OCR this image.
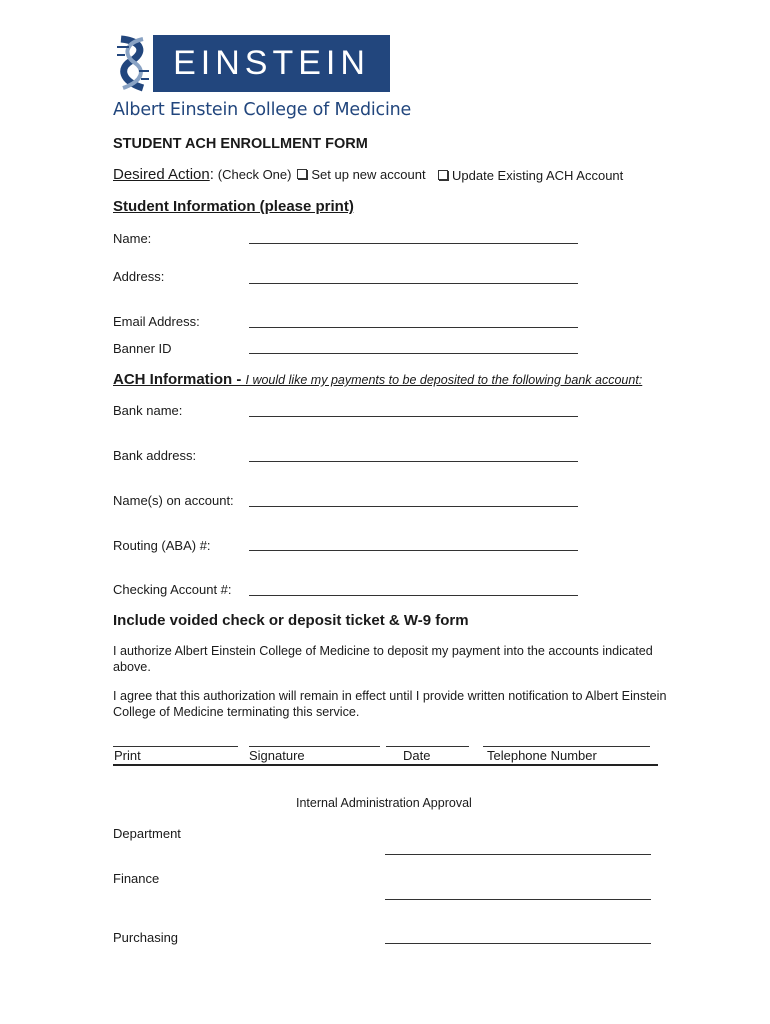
EINSTEIN
Albert Einstein College of Medicine
STUDENT ACH ENROLLMENT FORM
Desired Action: (Check One) Set up new account	Update Existing ACH Account
Student Information (please print)
Name:
Address:
Email Address:
Banner ID
ACH Information - I would like my payments to be deposited to the following bank account:
Bank name:
Bank address:
Name(s) on account:
Routing (ABA) #:
Checking Account #:
Include voided check or deposit ticket & W-9 form
I authorize Albert Einstein College of Medicine to deposit my payment into the accounts indicated above.
I agree that this authorization will remain in effect until I provide written notification to Albert Einstein College of Medicine terminating this service.
Print	Signature	Date	Telephone Number
Internal Administration Approval
Department
Finance
Purchasing
